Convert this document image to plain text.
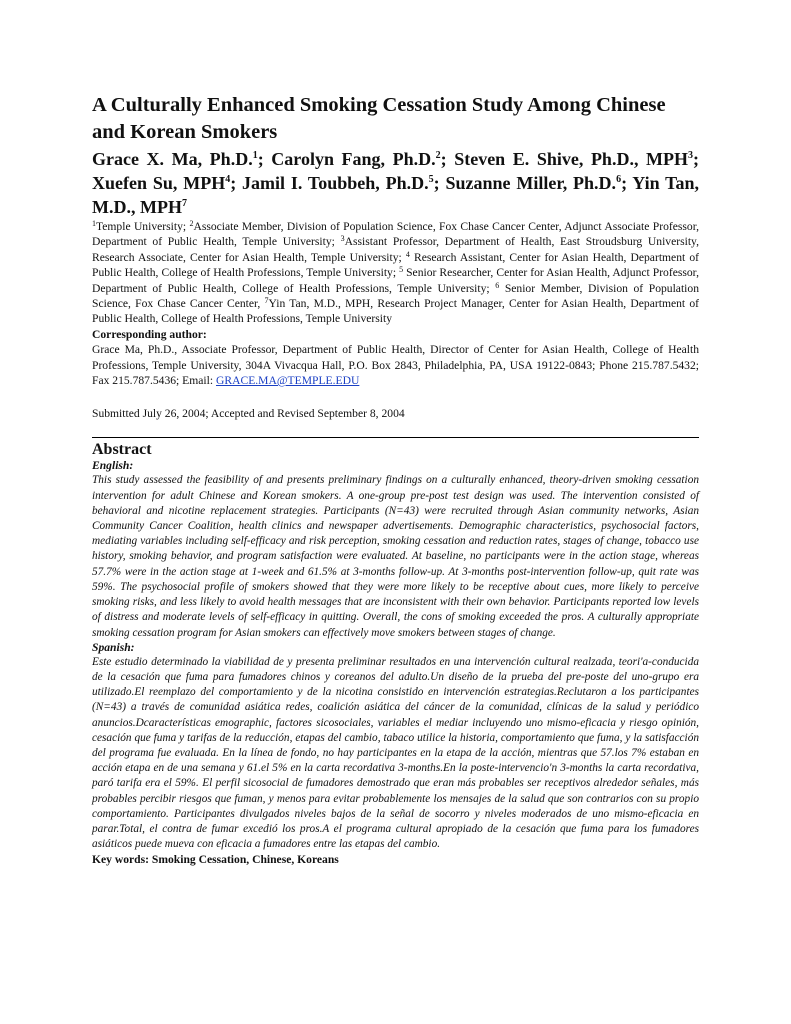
A Culturally Enhanced Smoking Cessation Study Among Chinese and Korean Smokers

Grace X. Ma, Ph.D.$^1$; Carolyn Fang, Ph.D.$^2$; Steven E. Shive, Ph.D., MPH$^3$; Xuefen Su, MPH$^4$; Jamil I. Toubbeh, Ph.D.$^5$; Suzanne Miller, Ph.D.$^6$; Yin Tan, M.D., MPH$^7$

$^1$Temple University; $^2$Associate Member, Division of Population Science, Fox Chase Cancer Center, Adjunct Associate Professor, Department of Public Health, Temple University; $^3$Assistant Professor, Department of Health, East Stroudsburg University, Research Associate, Center for Asian Health, Temple University; $^4$ Research Assistant, Center for Asian Health, Department of Public Health, College of Health Professions, Temple University; $^5$ Senior Researcher, Center for Asian Health, Adjunct Professor, Department of Public Health, College of Health Professions, Temple University; $^6$ Senior Member, Division of Population Science, Fox Chase Cancer Center, $^7$Yin Tan, M.D., MPH, Research Project Manager, Center for Asian Health, Department of Public Health, College of Health Professions, Temple University

Corresponding author:

Grace Ma, Ph.D., Associate Professor, Department of Public Health, Director of Center for Asian Health, College of Health Professions, Temple University, 304A Vivacqua Hall, P.O. Box 2843, Philadelphia, PA, USA 19122-0843; Phone 215.787.5432; Fax 215.787.5436; Email: GRACE.MA@TEMPLE.EDU

Submitted July 26, 2004; Accepted and Revised September 8, 2004

Abstract

English:

This study assessed the feasibility of and presents preliminary findings on a culturally enhanced, theory-driven smoking cessation intervention for adult Chinese and Korean smokers. A one-group pre-post test design was used. The intervention consisted of behavioral and nicotine replacement strategies. Participants (N=43) were recruited through Asian community networks, Asian Community Cancer Coalition, health clinics and newspaper advertisements. Demographic characteristics, psychosocial factors, mediating variables including self-efficacy and risk perception, smoking cessation and reduction rates, stages of change, tobacco use history, smoking behavior, and program satisfaction were evaluated. At baseline, no participants were in the action stage, whereas 57.7% were in the action stage at 1-week and 61.5% at 3-months follow-up. At 3-months post-intervention follow-up, quit rate was 59%. The psychosocial profile of smokers showed that they were more likely to be receptive about cues, more likely to perceive smoking risks, and less likely to avoid health messages that are inconsistent with their own behavior. Participants reported low levels of distress and moderate levels of self-efficacy in quitting. Overall, the cons of smoking exceeded the pros. A culturally appropriate smoking cessation program for Asian smokers can effectively move smokers between stages of change.

Spanish:

Este estudio determinado la viabilidad de y presenta preliminar resultados en una intervención cultural realzada, teori'a-conducida de la cesación que fuma para fumadores chinos y coreanos del adulto.Un diseño de la prueba del pre-poste del uno-grupo era utilizado.El reemplazo del comportamiento y de la nicotina consistido en intervención estrategias.Reclutaron a los participantes (N=43) a través de comunidad asiática redes, coalición asiática del cáncer de la comunidad, clínicas de la salud y periódico anuncios.Dcaracterísticas emographic, factores sicosociales, variables el mediar incluyendo uno mismo-eficacia y riesgo opinión, cesación que fuma y tarifas de la reducción, etapas del cambio, tabaco utilice la historia, comportamiento que fuma, y la satisfacción del programa fue evaluada. En la línea de fondo, no hay participantes en la etapa de la acción, mientras que 57.los 7% estaban en acción etapa en de una semana y 61.el 5% en la carta recordativa 3-months.En la poste-intervencio'n 3-months la carta recordativa, paró tarifa era el 59%. El perfil sicosocial de fumadores demostrado que eran más probables ser receptivos alrededor señales, más probables percibir riesgos que fuman, y menos para evitar probablemente los mensajes de la salud que son contrarios con su propio comportamiento. Participantes divulgados niveles bajos de la señal de socorro y niveles moderados de uno mismo-eficacia en parar.Total, el contra de fumar excedió los pros.A el programa cultural apropiado de la cesación que fuma para los fumadores asiáticos puede mueva con eficacia a fumadores entre las etapas del cambio.

Key words: Smoking Cessation, Chinese, Koreans
